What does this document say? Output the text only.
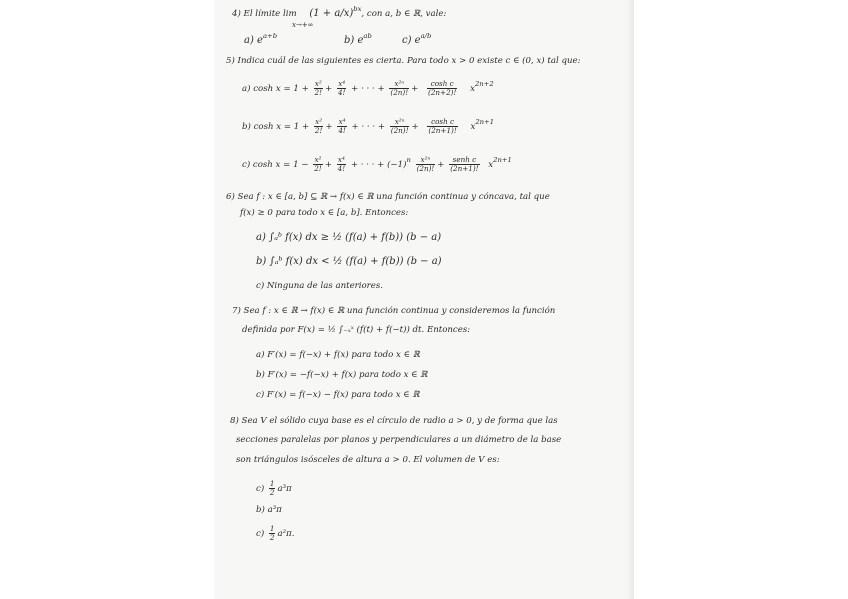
4) El límite $\lim (1 + a/x)^{bx}$, con a, b ∈ ℝ, vale:
x→+∞
a) $e^{a+b}$	b) $e^{ab}$	c) $e^{a/b}$
5) Indica cuál de las siguientes es cierta. Para todo x > 0 existe c ∈ (0, x) tal que:
a) $\cosh x = 1 + \frac{\text{x²}}{2!} + \frac{\text{x⁴}}{4!}$ + · · · + $\frac{\text{x²ⁿ}}{(2n)!} + \frac{\text{cosh c}}{(2n+2)!} x^{2n+2}$
b) $\cosh x = 1 + \frac{\text{x²}}{2!} + \frac{\text{x⁴}}{4!}$ + · · · + $\frac{\text{x²ⁿ}}{(2n)!} + \frac{\text{cosh c}}{(2n+1)!} x^{2n+1}$
c) $\cosh x = 1 - \frac{\text{x²}}{2!} + \frac{\text{x⁴}}{4!}$ + · · · + $(-1)^n \frac{\text{x²ⁿ}}{(2n)!} + \frac{\text{senh c}}{(2n+1)!} x^{2n+1}$
6) Sea f : x ∈ [a, b] ⊆ ℝ → f(x) ∈ ℝ una función continua y cóncava, tal que
f(x) ≥ 0 para todo x ∈ [a, b]. Entonces:
a) ∫ₐᵇ f(x) dx ≥ ½ (f(a) + f(b)) (b − a)
b) ∫ₐᵇ f(x) dx < ½ (f(a) + f(b)) (b − a)
c) Ninguna de las anteriores.
7) Sea f : x ∈ ℝ → f(x) ∈ ℝ una función continua y consideremos la función
definida por F(x) = ½ ∫₋ₓˣ (f(t) + f(−t)) dt. Entonces:
a) F′(x) = f(−x) + f(x) para todo x ∈ ℝ
b) F′(x) = −f(−x) + f(x) para todo x ∈ ℝ
c) F′(x) = f(−x) − f(x) para todo x ∈ ℝ
8) Sea V el sólido cuya base es el círculo de radio a > 0, y de forma que las
secciones paralelas por planos y perpendiculares a un diámetro de la base
son triángulos isósceles de altura a > 0. El volumen de V es:
$c) \frac{1}{2} a^3\pi$
b) a³π
$c) \frac{1}{2} a^2\pi$.
